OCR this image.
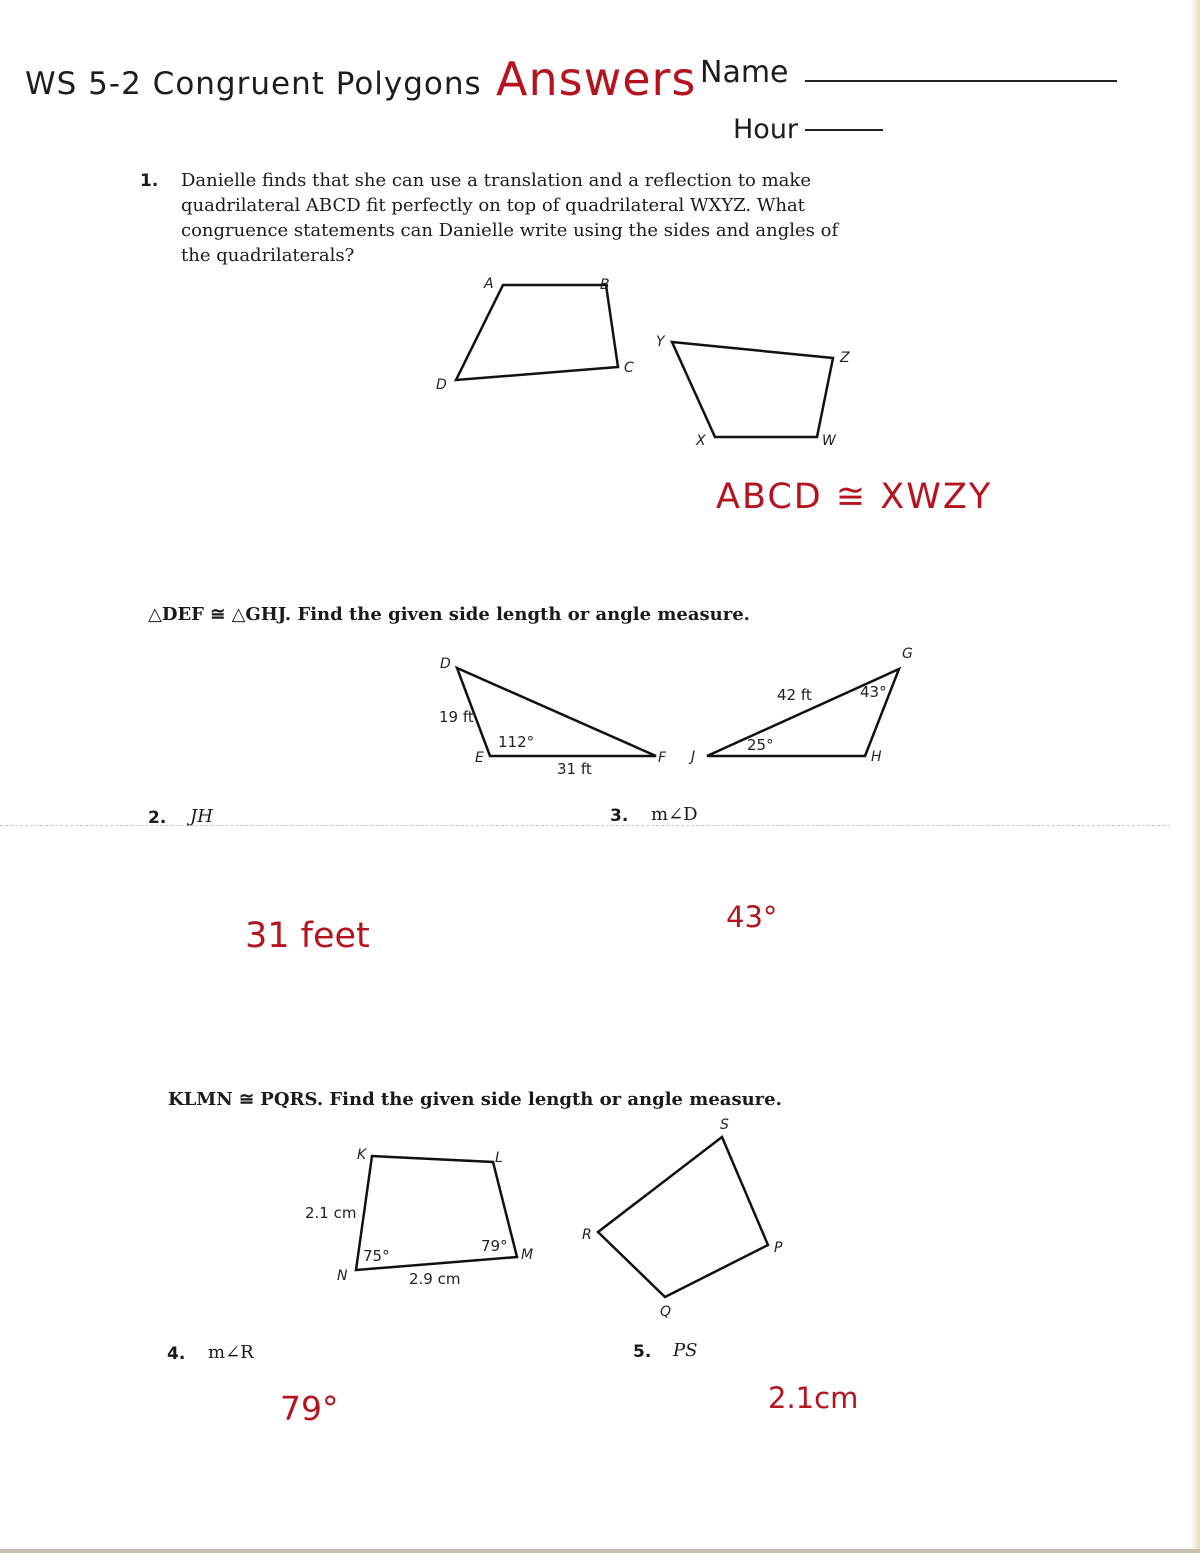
WS 5-2 Congruent Polygons Answers Name
Hour
1. Danielle finds that she can use a translation and a reflection to make
quadrilateral ABCD fit perfectly on top of quadrilateral WXYZ. What
congruence statements can Danielle write using the sides and angles of
the quadrilaterals?
A	B
C
D
Y
Z
W
X
ABCD ≅ XWZY
△DEF ≅ △GHJ. Find the given side length or angle measure.
D
E	F
19 ft
31 ft
112°
G
H
J
42 ft	43°
25°
2. JH
31 feet
3. m∠D
43°
KLMN ≅ PQRS. Find the given side length or angle measure.
K	L
M
N
2.1 cm
2.9 cm
75°
79°
S
R
P
Q
4. m∠R
79°
5. PS
2.1cm
